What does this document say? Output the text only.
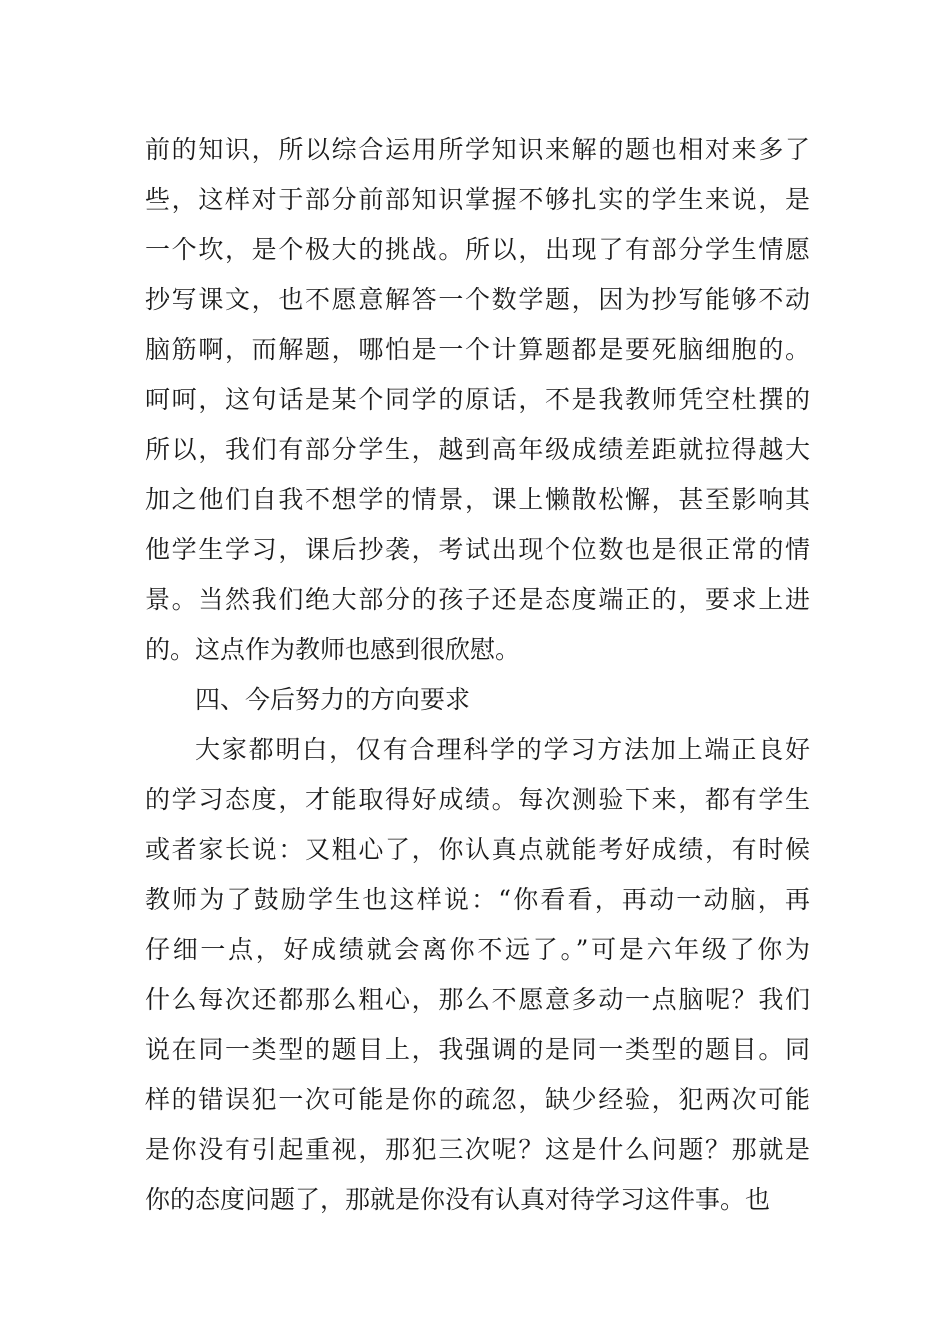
前的知识，所以综合运用所学知识来解的题也相对来多了
些，这样对于部分前部知识掌握不够扎实的学生来说，是
一个坎，是个极大的挑战。所以，出现了有部分学生情愿
抄写课文，也不愿意解答一个数学题，因为抄写能够不动
脑筋啊，而解题，哪怕是一个计算题都是要死脑细胞的。
呵呵，这句话是某个同学的原话，不是我教师凭空杜撰的
所以，我们有部分学生，越到高年级成绩差距就拉得越大
加之他们自我不想学的情景，课上懒散松懈，甚至影响其
他学生学习，课后抄袭，考试出现个位数也是很正常的情
景。当然我们绝大部分的孩子还是态度端正的，要求上进
的。这点作为教师也感到很欣慰。
四、今后努力的方向要求
大家都明白，仅有合理科学的学习方法加上端正良好
的学习态度，才能取得好成绩。每次测验下来，都有学生
或者家长说：又粗心了，你认真点就能考好成绩，有时候
教师为了鼓励学生也这样说：“你看看，再动一动脑，再
仔细一点，好成绩就会离你不远了。”可是六年级了你为
什么每次还都那么粗心，那么不愿意多动一点脑呢？我们
说在同一类型的题目上，我强调的是同一类型的题目。同
样的错误犯一次可能是你的疏忽，缺少经验，犯两次可能
是你没有引起重视，那犯三次呢？这是什么问题？那就是
你的态度问题了，那就是你没有认真对待学习这件事。也
